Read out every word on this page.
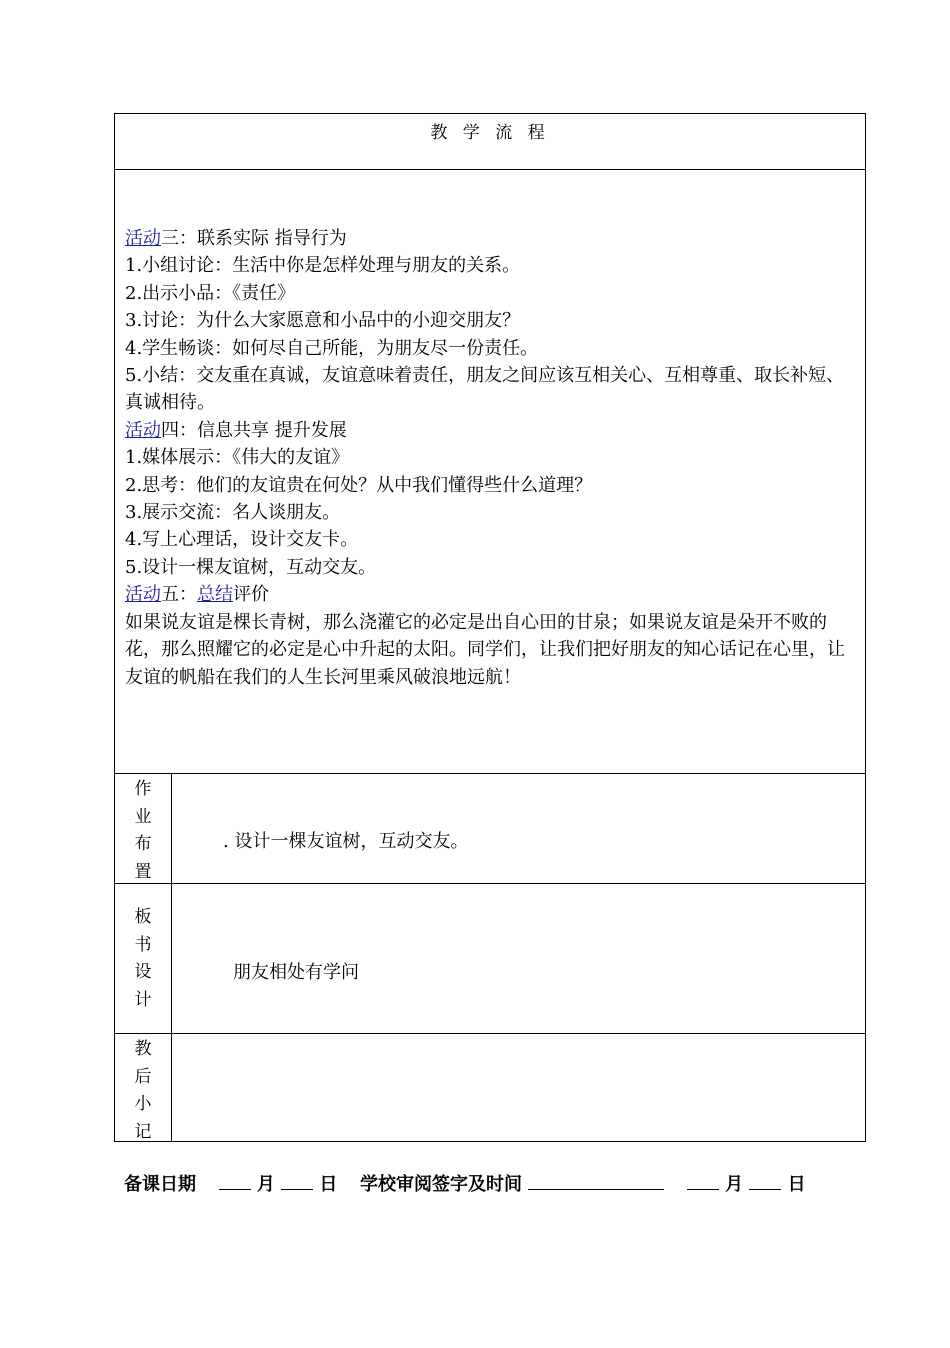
教 学 流 程

活动三：联系实际 指导行为

1.小组讨论：生活中你是怎样处理与朋友的关系。

2.出示小品：《责任》

3.讨论：为什么大家愿意和小品中的小迎交朋友？

4.学生畅谈：如何尽自己所能，为朋友尽一份责任。

5.小结：交友重在真诚，友谊意味着责任，朋友之间应该互相关心、互相尊重、取长补短、真诚相待。

活动四：信息共享 提升发展

1.媒体展示：《伟大的友谊》

2.思考：他们的友谊贵在何处？从中我们懂得些什么道理？

3.展示交流：名人谈朋友。

4.写上心理话，设计交友卡。

5.设计一棵友谊树，互动交友。

活动五：总结评价

如果说友谊是棵长青树，那么浇灌它的必定是出自心田的甘泉；如果说友谊是朵开不败的花，那么照耀它的必定是心中升起的太阳。同学们，让我们把好朋友的知心话记在心里，让友谊的帆船在我们的人生长河里乘风破浪地远航！

作
业
布
置
. 设计一棵友谊树，互动交友。
板
书
设
计
朋友相处有学问
教
后
小
记
备课日期	月 日 学校审阅签字及时间	月 日
